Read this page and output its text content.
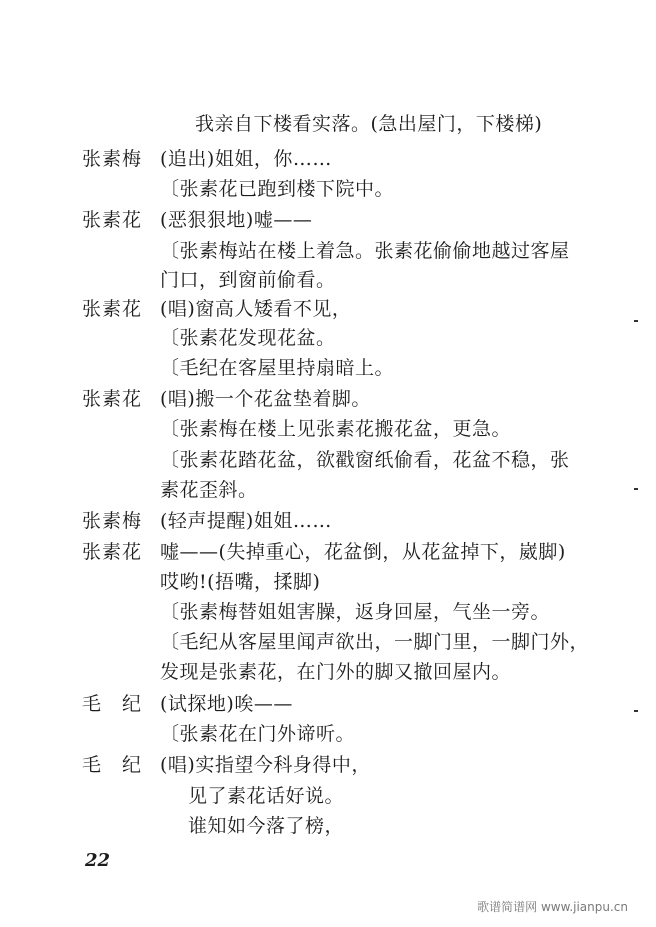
我亲自下楼看实落。(急出屋门，下楼梯)
张素梅 (追出)姐姐，你……
〔张素花已跑到楼下院中。
张素花 (恶狠狠地)嘘——
〔张素梅站在楼上着急。张素花偷偷地越过客屋
门口，到窗前偷看。
张素花 (唱)窗高人矮看不见，
〔张素花发现花盆。
〔毛纪在客屋里持扇暗上。
张素花 (唱)搬一个花盆垫着脚。
〔张素梅在楼上见张素花搬花盆，更急。
〔张素花踏花盆，欲戳窗纸偷看，花盆不稳，张
素花歪斜。
张素梅 (轻声提醒)姐姐……
张素花 嘘——(失掉重心，花盆倒，从花盆掉下，崴脚)
哎哟!(捂嘴，揉脚)
〔张素梅替姐姐害臊，返身回屋，气坐一旁。
〔毛纪从客屋里闻声欲出，一脚门里，一脚门外，
发现是张素花，在门外的脚又撤回屋内。
毛　纪 (试探地)唉——
〔张素花在门外谛听。
毛　纪 (唱)实指望今科身得中，
见了素花话好说。
谁知如今落了榜，
22
歌谱简谱网 www.jianpu.cn
